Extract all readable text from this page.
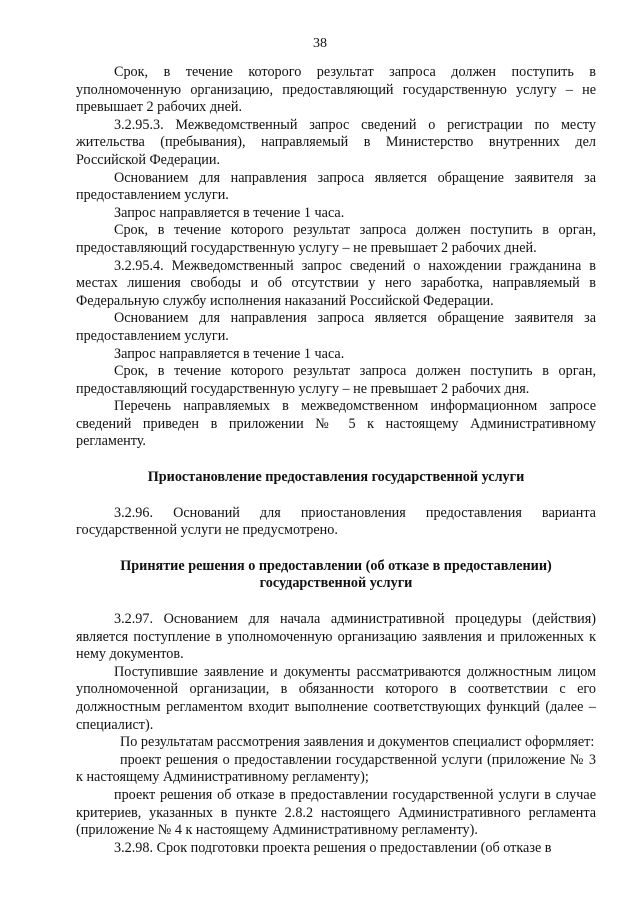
38

Срок, в течение которого результат запроса должен поступить в уполномоченную организацию, предоставляющий государственную услугу – не превышает 2 рабочих дней.

3.2.95.3. Межведомственный запрос сведений о регистрации по месту жительства (пребывания), направляемый в Министерство внутренних дел Российской Федерации.

Основанием для направления запроса является обращение заявителя за предоставлением услуги.

Запрос направляется в течение 1 часа.

Срок, в течение которого результат запроса должен поступить в орган, предоставляющий государственную услугу – не превышает 2 рабочих дней.

3.2.95.4. Межведомственный запрос сведений о нахождении гражданина в местах лишения свободы и об отсутствии у него заработка, направляемый в Федеральную службу исполнения наказаний Российской Федерации.

Основанием для направления запроса является обращение заявителя за предоставлением услуги.

Запрос направляется в течение 1 часа.

Срок, в течение которого результат запроса должен поступить в орган, предоставляющий государственную услугу – не превышает 2 рабочих дня.

Перечень направляемых в межведомственном информационном запросе сведений приведен в приложении № 5 к настоящему Административному регламенту.

Приостановление предоставления государственной услуги

3.2.96. Оснований для приостановления предоставления варианта государственной услуги не предусмотрено.

Принятие решения о предоставлении (об отказе в предоставлении) государственной услуги

3.2.97. Основанием для начала административной процедуры (действия) является поступление в уполномоченную организацию заявления и приложенных к нему документов.

Поступившие заявление и документы рассматриваются должностным лицом уполномоченной организации, в обязанности которого в соответствии с его должностным регламентом входит выполнение соответствующих функций (далее – специалист).

По результатам рассмотрения заявления и документов специалист оформляет:

проект решения о предоставлении государственной услуги (приложение № 3 к настоящему Административному регламенту);

проект решения об отказе в предоставлении государственной услуги в случае критериев, указанных в пункте 2.8.2 настоящего Административного регламента (приложение № 4 к настоящему Административному регламенту).

3.2.98. Срок подготовки проекта решения о предоставлении (об отказе в
